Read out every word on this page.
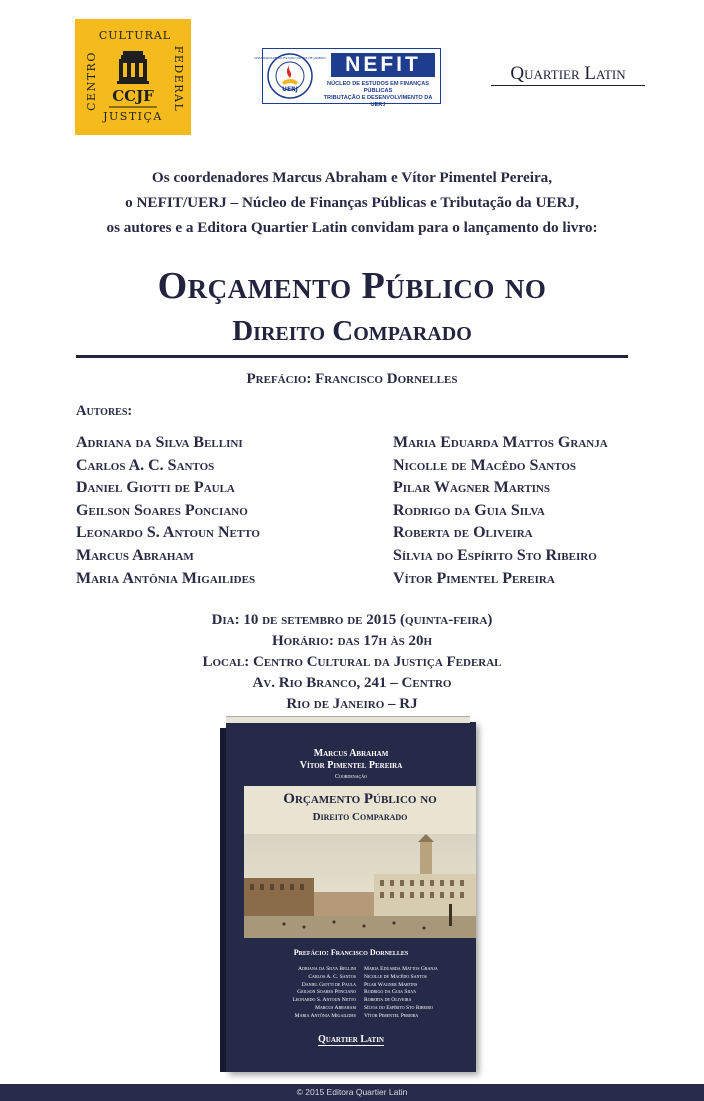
CENTRO
CULTURAL
FEDERAL
CCJF
JUSTIÇA
UERJ
UNIVERSIDADE DO ESTADO DO RIO DE JANEIRO NEFIT
NÚCLEO DE ESTUDOS EM FINANÇAS PÚBLICAS
TRIBUTAÇÃO E DESENVOLVIMENTO DA UERJ
Quartier Latin
Os coordenadores Marcus Abraham e Vítor Pimentel Pereira,
o NEFIT/UERJ – Núcleo de Finanças Públicas e Tributação da UERJ,
os autores e a Editora Quartier Latin convidam para o lançamento do livro:
Orçamento Público no
Direito Comparado
Prefácio: Francisco Dornelles
Autores:
Adriana da Silva Bellini
Carlos A. C. Santos
Daniel Giotti de Paula
Geilson Soares Ponciano
Leonardo S. Antoun Netto
Marcus Abraham
Maria Antônia Migailides
Maria Eduarda Mattos Granja
Nicolle de Macêdo Santos
Pilar Wagner Martins
Rodrigo da Guia Silva
Roberta de Oliveira
Sílvia do Espírito Sto Ribeiro
Vítor Pimentel Pereira
Dia: 10 de setembro de 2015 (quinta-feira)
Horário: das 17h às 20h
Local: Centro Cultural da Justiça Federal
Av. Rio Branco, 241 – Centro
Rio de Janeiro – RJ
Marcus Abraham
Vítor Pimentel Pereira
Coordenação
Orçamento Público no
Direito Comparado
Prefácio: Francisco Dornelles
Adriana da Silva Bellini
Carlos A. C. Santos
Daniel Giotti de Paula
Geilson Soares Ponciano
Leonardo S. Antoun Netto
Marcus Abraham
Maria Antônia Migailides
Maria Eduarda Mattos Granja
Nicolle de Macêdo Santos
Pilar Wagner Martins
Rodrigo da Guia Silva
Roberta de Oliveira
Sílvia do Espírito Sto Ribeiro
Vítor Pimentel Pereira
Quartier Latin
© 2015 Editora Quartier Latin
